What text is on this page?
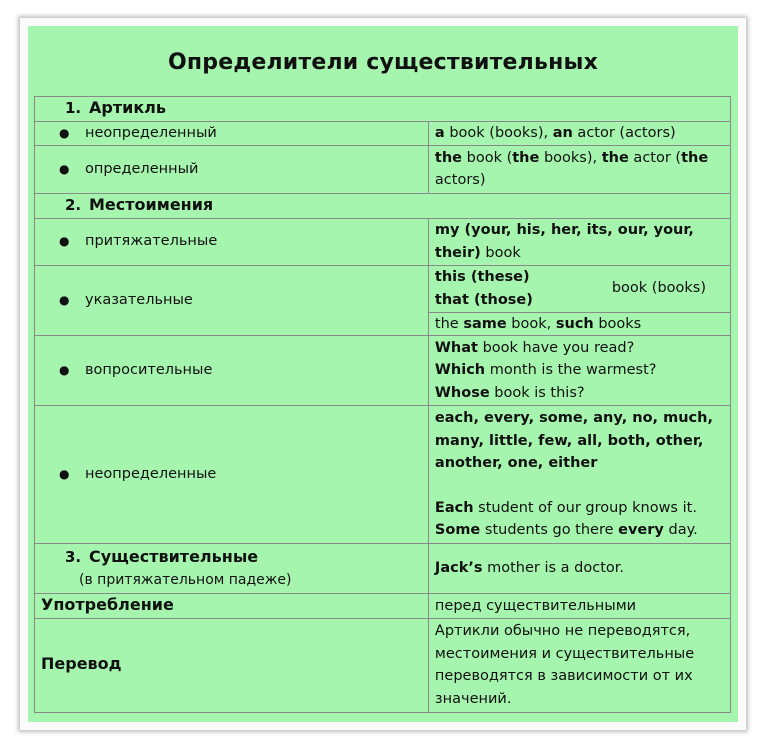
Определители существительных
1. Артикль	
● неопределенный	a book (books), an actor (actors)
● определенный	the book (the books), the actor (the actors)
2. Местоимения	
● притяжательные	my (your, his, her, its, our, your, their) book
● указательные	this (these)
that (those)
book (books)

	the same book, such books
● вопросительные	What book have you read?
Which month is the warmest?
Whose book is this?

● неопределенные	each, every, some, any, no, much, many, little, few, all, both, other, another, one, either
Each student of our group knows it.
Some students go there every day.

3. Существительные
(в притяжательном падеже)	Jack’s mother is a doctor.
Употребление	перед существительными
Перевод	Артикли обычно не переводятся, местоимения и существительные переводятся в зависимости от их значений.
